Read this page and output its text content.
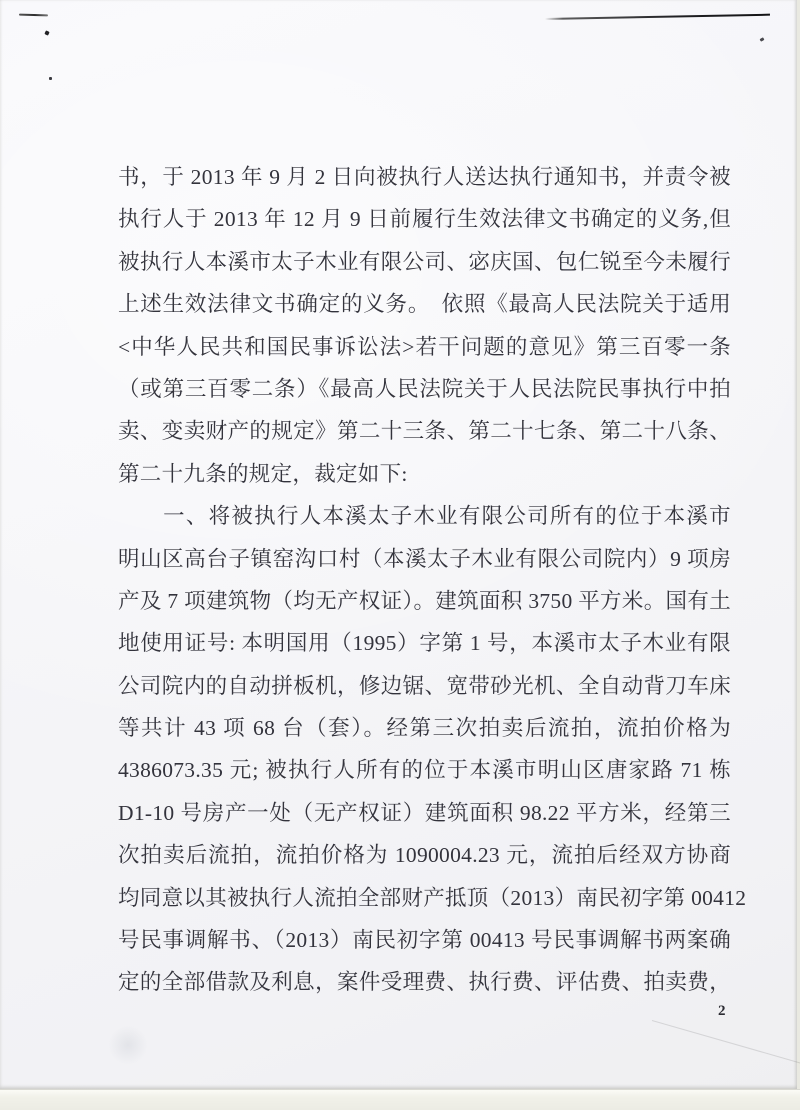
书，于 2013 年 9 月 2 日向被执行人送达执行通知书，并责令被
执行人于 2013 年 12 月 9 日前履行生效法律文书确定的义务,但
被执行人本溪市太子木业有限公司、宓庆国、包仁锐至今未履行
上述生效法律文书确定的义务。　依照《最高人民法院关于适用
<中华人民共和国民事诉讼法>若干问题的意见》第三百零一条
（或第三百零二条）《最高人民法院关于人民法院民事执行中拍
卖、变卖财产的规定》第二十三条、第二十七条、第二十八条、
第二十九条的规定，裁定如下:
一、将被执行人本溪太子木业有限公司所有的位于本溪市
明山区高台子镇窑沟口村（本溪太子木业有限公司院内）9 项房
产及 7 项建筑物（均无产权证）。建筑面积 3750 平方米。国有土
地使用证号: 本明国用（1995）字第 1 号，本溪市太子木业有限
公司院内的自动拼板机，修边锯、宽带砂光机、全自动背刀车床
等共计 43 项 68 台（套）。经第三次拍卖后流拍，流拍价格为
4386073.35 元; 被执行人所有的位于本溪市明山区唐家路 71 栋
D1-10 号房产一处（无产权证）建筑面积 98.22 平方米，经第三
次拍卖后流拍，流拍价格为 1090004.23 元，流拍后经双方协商
均同意以其被执行人流拍全部财产抵顶（2013）南民初字第 00412
号民事调解书、（2013）南民初字第 00413 号民事调解书两案确
定的全部借款及利息，案件受理费、执行费、评估费、拍卖费，
2
